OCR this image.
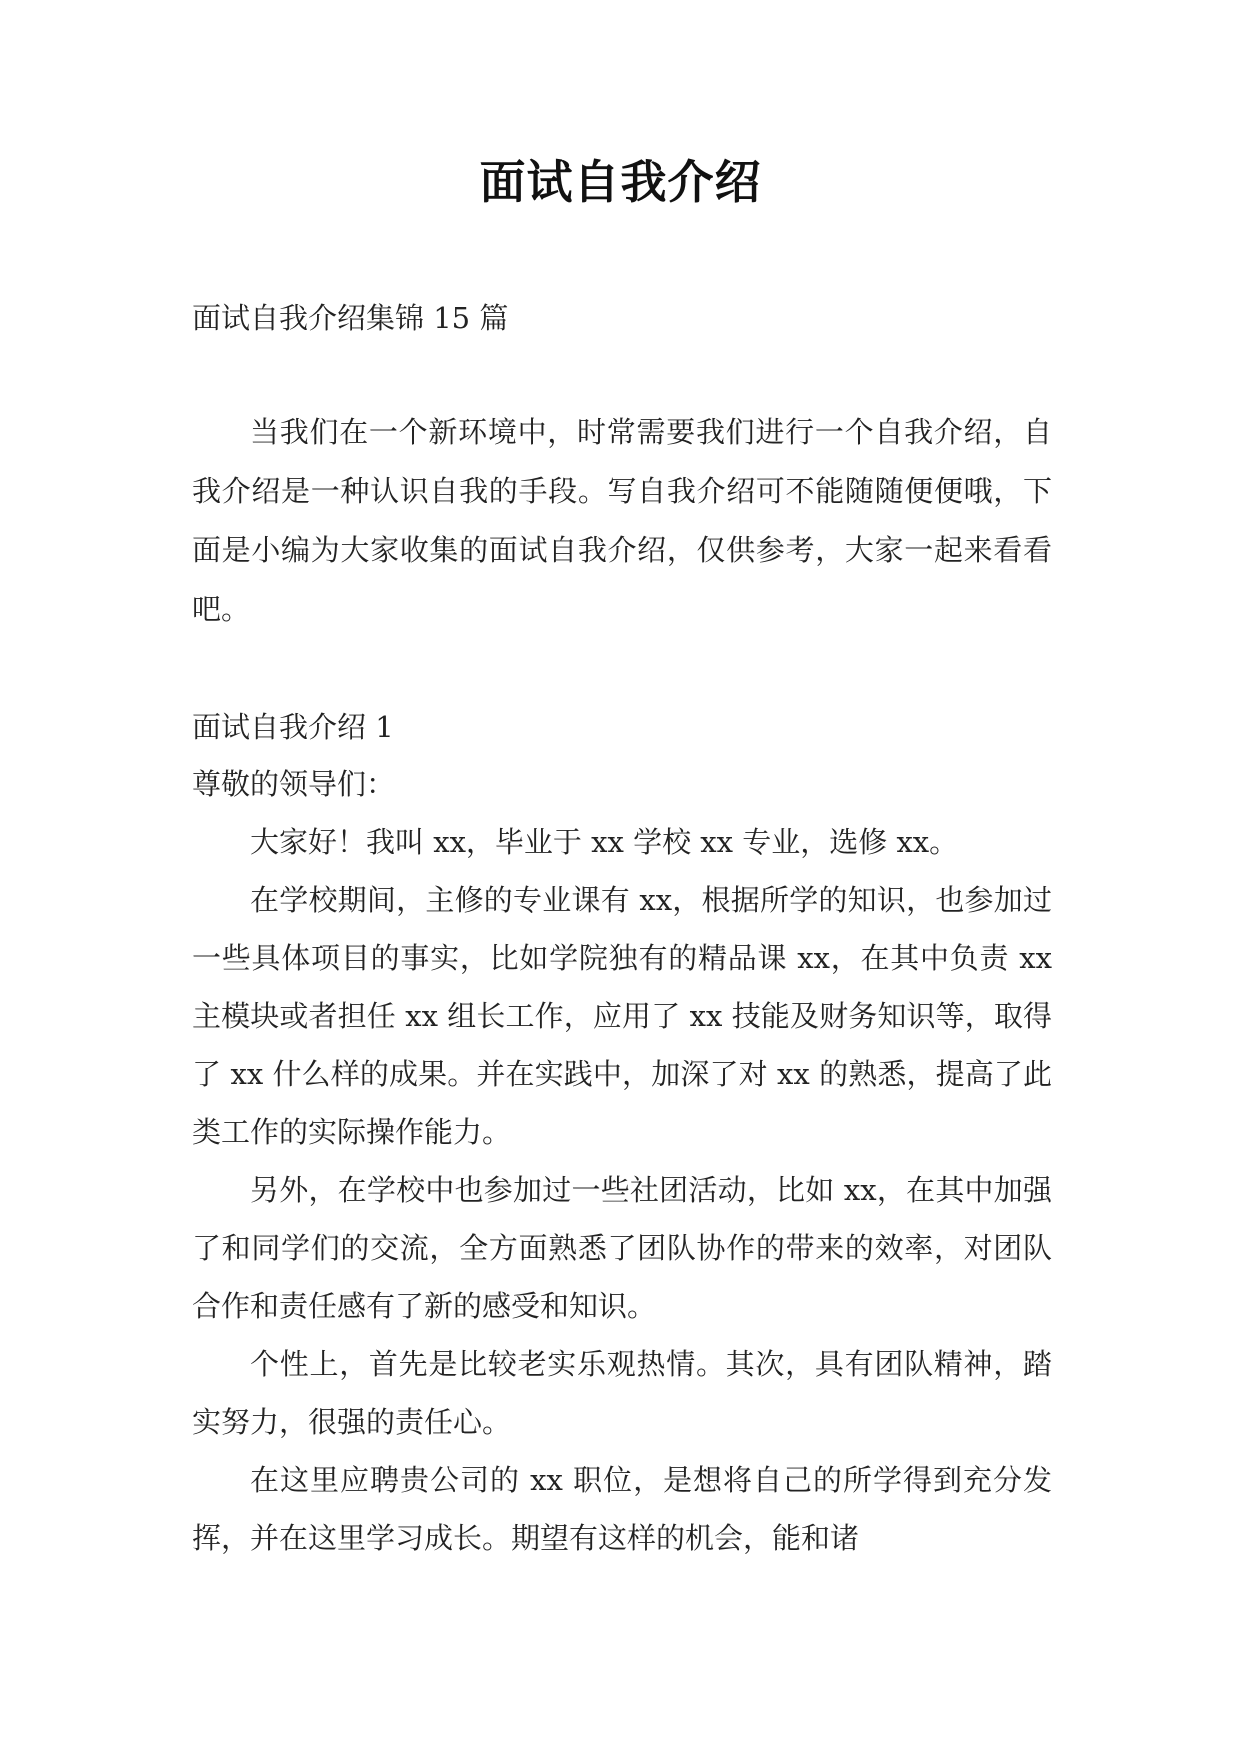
面试自我介绍
面试自我介绍集锦 15 篇

当我们在一个新环境中，时常需要我们进行一个自我介绍，自我介绍是一种认识自我的手段。写自我介绍可不能随随便便哦，下面是小编为大家收集的面试自我介绍，仅供参考，大家一起来看看吧。

面试自我介绍 1

尊敬的领导们：

大家好！我叫 xx，毕业于 xx 学校 xx 专业，选修 xx。

在学校期间，主修的专业课有 xx，根据所学的知识，也参加过一些具体项目的事实，比如学院独有的精品课 xx，在其中负责 xx 主模块或者担任 xx 组长工作，应用了 xx 技能及财务知识等，取得了 xx 什么样的成果。并在实践中，加深了对 xx 的熟悉，提高了此类工作的实际操作能力。

另外，在学校中也参加过一些社团活动，比如 xx，在其中加强了和同学们的交流，全方面熟悉了团队协作的带来的效率，对团队合作和责任感有了新的感受和知识。

个性上，首先是比较老实乐观热情。其次，具有团队精神，踏实努力，很强的责任心。

在这里应聘贵公司的 xx 职位，是想将自己的所学得到充分发挥，并在这里学习成长。期望有这样的机会，能和诸
